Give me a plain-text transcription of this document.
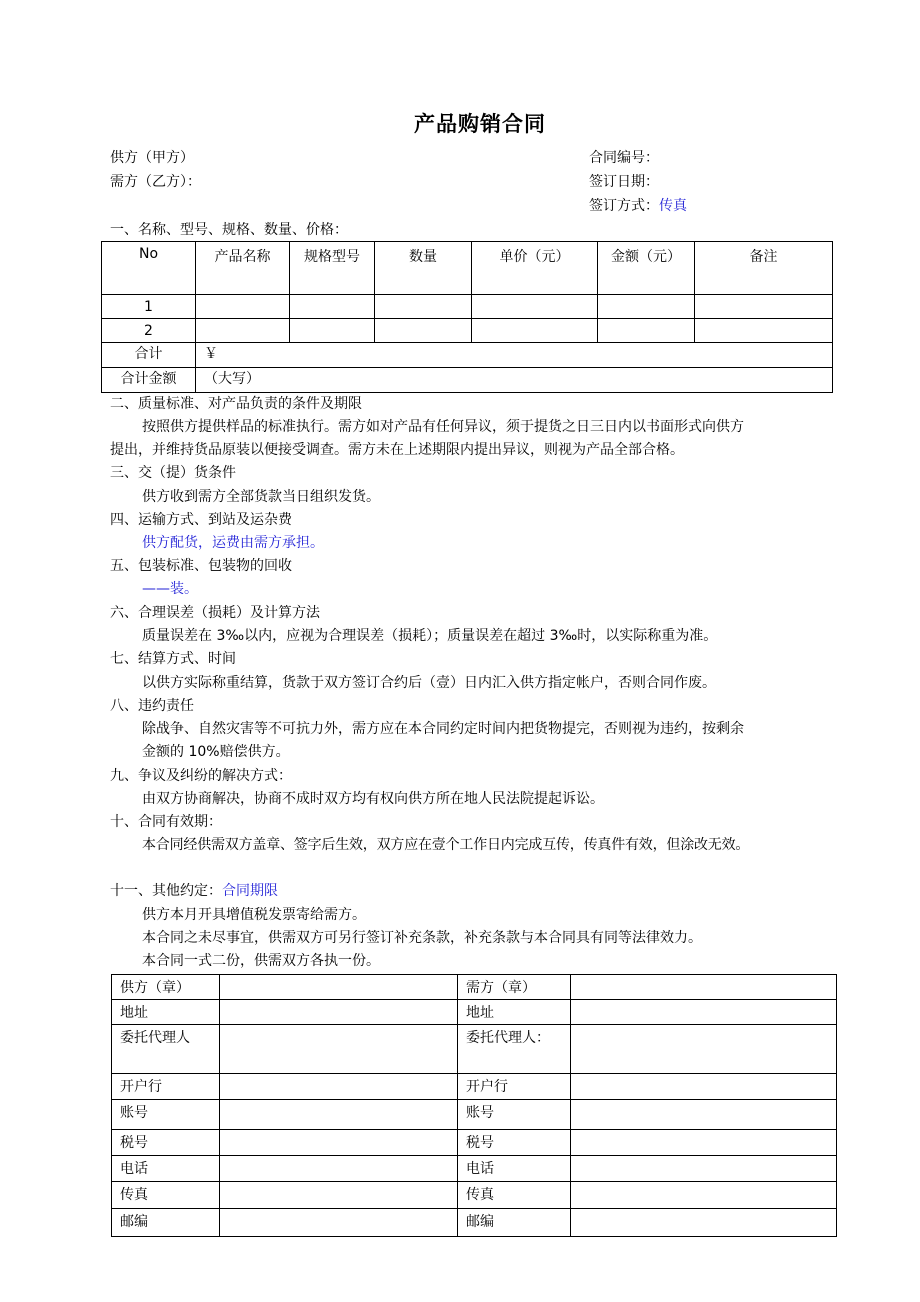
产品购销合同
供方（甲方）
需方（乙方）：
合同编号：
签订日期：
签订方式：传真
一、名称、型号、规格、数量、价格：
No	产品名称	规格型号	数量	单价（元）	金额（元）	备注
1						
2						
合计	￥					
合计金额	（大写）					
二、质量标准、对产品负责的条件及期限
按照供方提供样品的标准执行。需方如对产品有任何异议，须于提货之日三日内以书面形式向供方
提出，并维持货品原装以便接受调查。需方未在上述期限内提出异议，则视为产品全部合格。
三、交（提）货条件
供方收到需方全部货款当日组织发货。
四、运输方式、到站及运杂费
供方配货，运费由需方承担。
五、包装标准、包装物的回收
——装。
六、合理误差（损耗）及计算方法
质量误差在 3‰以内，应视为合理误差（损耗）；质量误差在超过 3‰时，以实际称重为准。
七、结算方式、时间
以供方实际称重结算，货款于双方签订合约后（壹）日内汇入供方指定帐户，否则合同作废。
八、违约责任
除战争、自然灾害等不可抗力外，需方应在本合同约定时间内把货物提完，否则视为违约，按剩余
金额的 10%赔偿供方。
九、争议及纠纷的解决方式：
由双方协商解决，协商不成时双方均有权向供方所在地人民法院提起诉讼。
十、合同有效期：
本合同经供需双方盖章、签字后生效，双方应在壹个工作日内完成互传，传真件有效，但涂改无效。
十一、其他约定：合同期限
供方本月开具增值税发票寄给需方。
本合同之未尽事宜，供需双方可另行签订补充条款，补充条款与本合同具有同等法律效力。
本合同一式二份，供需双方各执一份。
供方（章）		需方（章）	
地址		地址	
委托代理人		委托代理人：	
开户行		开户行	
账号		账号	
税号		税号	
电话		电话	
传真		传真	
邮编		邮编	
